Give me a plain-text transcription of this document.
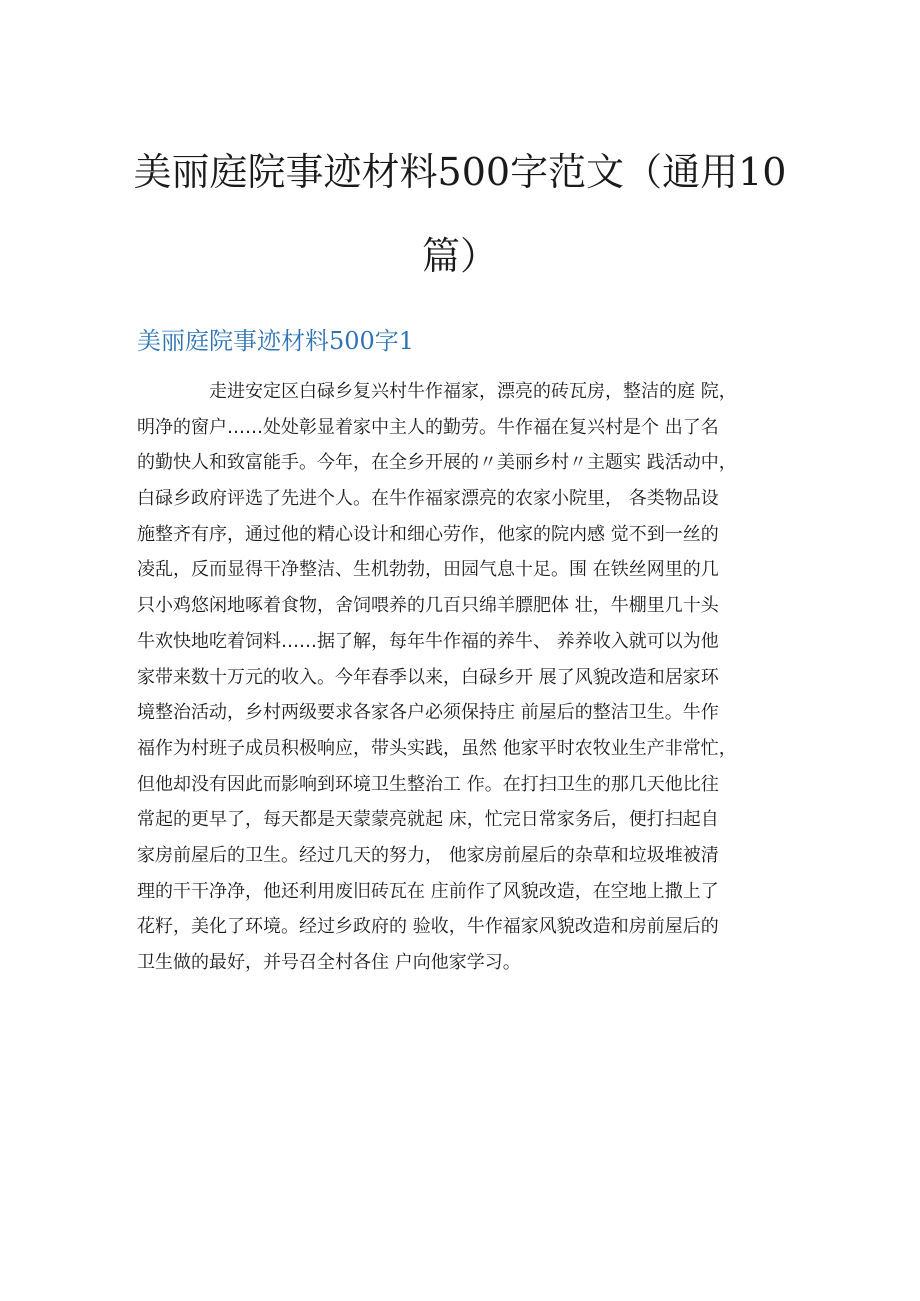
美丽庭院事迹材料500字范文（通用10
篇）
美丽庭院事迹材料500字1
走进安定区白碌乡复兴村牛作福家，漂亮的砖瓦房，整洁的庭 院，
明净的窗户……处处彰显着家中主人的勤劳。牛作福在复兴村是个 出了名
的勤快人和致富能手。今年，在全乡开展的〃美丽乡村〃主题实 践活动中，
白碌乡政府评选了先进个人。在牛作福家漂亮的农家小院里， 各类物品设
施整齐有序，通过他的精心设计和细心劳作，他家的院内感 觉不到一丝的
凌乱，反而显得干净整洁、生机勃勃，田园气息十足。围 在铁丝网里的几
只小鸡悠闲地啄着食物，舍饲喂养的几百只绵羊膘肥体 壮，牛棚里几十头
牛欢快地吃着饲料……据了解，每年牛作福的养牛、 养养收入就可以为他
家带来数十万元的收入。今年春季以来，白碌乡开 展了风貌改造和居家环
境整治活动，乡村两级要求各家各户必须保持庄 前屋后的整洁卫生。牛作
福作为村班子成员积极响应，带头实践，虽然 他家平时农牧业生产非常忙，
但他却没有因此而影响到环境卫生整治工 作。在打扫卫生的那几天他比往
常起的更早了，每天都是天蒙蒙亮就起 床，忙完日常家务后，便打扫起自
家房前屋后的卫生。经过几天的努力， 他家房前屋后的杂草和垃圾堆被清
理的干干净净，他还利用废旧砖瓦在 庄前作了风貌改造，在空地上撒上了
花籽，美化了环境。经过乡政府的 验收，牛作福家风貌改造和房前屋后的
卫生做的最好，并号召全村各住 户向他家学习。
